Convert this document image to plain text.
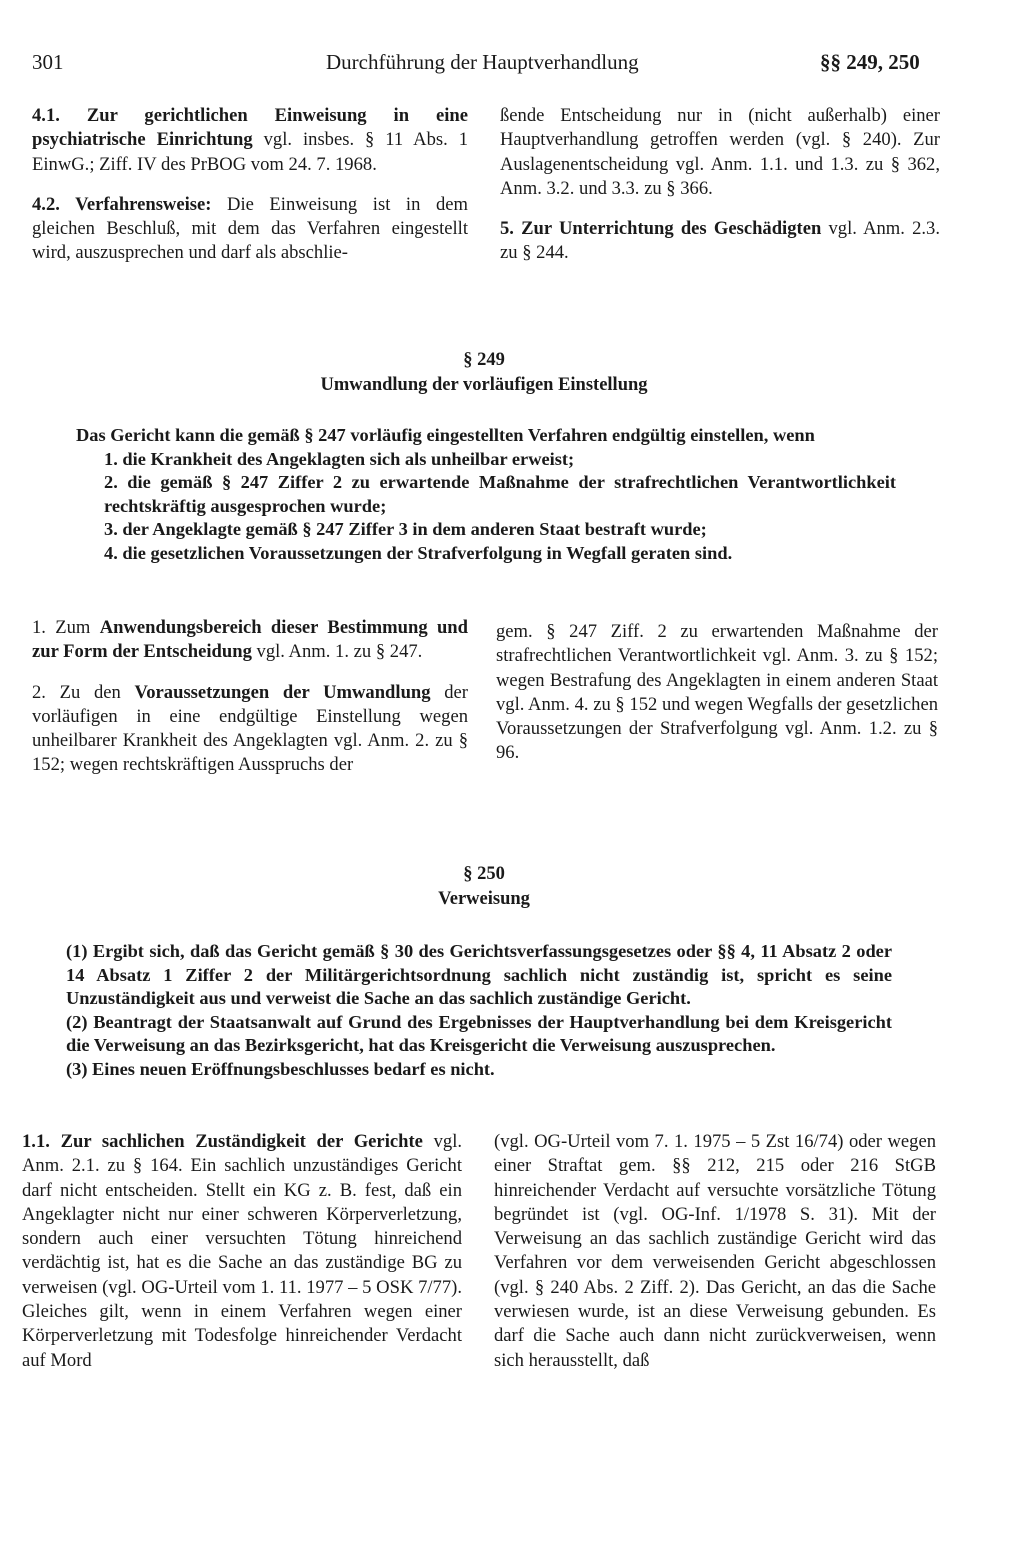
301	Durchführung der Hauptverhandlung	§§ 249, 250

4.1. Zur gerichtlichen Einweisung in eine psychiatrische Einrichtung vgl. insbes. § 11 Abs. 1 EinwG.; Ziff. IV des PrBOG vom 24. 7. 1968.

4.2. Verfahrensweise: Die Einweisung ist in dem gleichen Beschluß, mit dem das Verfahren eingestellt wird, auszusprechen und darf als abschlie-

ßende Entscheidung nur in (nicht außerhalb) einer Hauptverhandlung getroffen werden (vgl. § 240). Zur Auslagenentscheidung vgl. Anm. 1.1. und 1.3. zu § 362, Anm. 3.2. und 3.3. zu § 366.

5. Zur Unterrichtung des Geschädigten vgl. Anm. 2.3. zu § 244.

§ 249
Umwandlung der vorläufigen Einstellung

Das Gericht kann die gemäß § 247 vorläufig eingestellten Verfahren endgültig einstellen, wenn

1. die Krankheit des Angeklagten sich als unheilbar erweist;

2. die gemäß § 247 Ziffer 2 zu erwartende Maßnahme der strafrechtlichen Verantwortlichkeit rechtskräftig ausgesprochen wurde;

3. der Angeklagte gemäß § 247 Ziffer 3 in dem anderen Staat bestraft wurde;

4. die gesetzlichen Voraussetzungen der Strafverfolgung in Wegfall geraten sind.

1. Zum Anwendungsbereich dieser Bestimmung und zur Form der Entscheidung vgl. Anm. 1. zu § 247.

2. Zu den Voraussetzungen der Umwandlung der vorläufigen in eine endgültige Einstellung wegen unheilbarer Krankheit des Angeklagten vgl. Anm. 2. zu § 152; wegen rechtskräftigen Ausspruchs der

gem. § 247 Ziff. 2 zu erwartenden Maßnahme der strafrechtlichen Verantwortlichkeit vgl. Anm. 3. zu § 152; wegen Bestrafung des Angeklagten in einem anderen Staat vgl. Anm. 4. zu § 152 und wegen Wegfalls der gesetzlichen Voraussetzungen der Strafverfolgung vgl. Anm. 1.2. zu § 96.

§ 250
Verweisung

(1) Ergibt sich, daß das Gericht gemäß § 30 des Gerichtsverfassungsgesetzes oder §§ 4, 11 Absatz 2 oder 14 Absatz 1 Ziffer 2 der Militärgerichtsordnung sachlich nicht zuständig ist, spricht es seine Unzuständigkeit aus und verweist die Sache an das sachlich zuständige Gericht.

(2) Beantragt der Staatsanwalt auf Grund des Ergebnisses der Hauptverhandlung bei dem Kreisgericht die Verweisung an das Bezirksgericht, hat das Kreisgericht die Verweisung auszusprechen.

(3) Eines neuen Eröffnungsbeschlusses bedarf es nicht.

1.1. Zur sachlichen Zuständigkeit der Gerichte vgl. Anm. 2.1. zu § 164. Ein sachlich unzuständiges Gericht darf nicht entscheiden. Stellt ein KG z. B. fest, daß ein Angeklagter nicht nur einer schweren Körperverletzung, sondern auch einer versuchten Tötung hinreichend verdächtig ist, hat es die Sache an das zuständige BG zu verweisen (vgl. OG-Urteil vom 1. 11. 1977 – 5 OSK 7/77). Gleiches gilt, wenn in einem Verfahren wegen einer Körperverletzung mit Todesfolge hinreichender Verdacht auf Mord

(vgl. OG-Urteil vom 7. 1. 1975 – 5 Zst 16/74) oder wegen einer Straftat gem. §§ 212, 215 oder 216 StGB hinreichender Verdacht auf versuchte vorsätzliche Tötung begründet ist (vgl. OG-Inf. 1/1978 S. 31). Mit der Verweisung an das sachlich zuständige Gericht wird das Verfahren vor dem verweisenden Gericht abgeschlossen (vgl. § 240 Abs. 2 Ziff. 2). Das Gericht, an das die Sache verwiesen wurde, ist an diese Verweisung gebunden. Es darf die Sache auch dann nicht zurückverweisen, wenn sich herausstellt, daß
